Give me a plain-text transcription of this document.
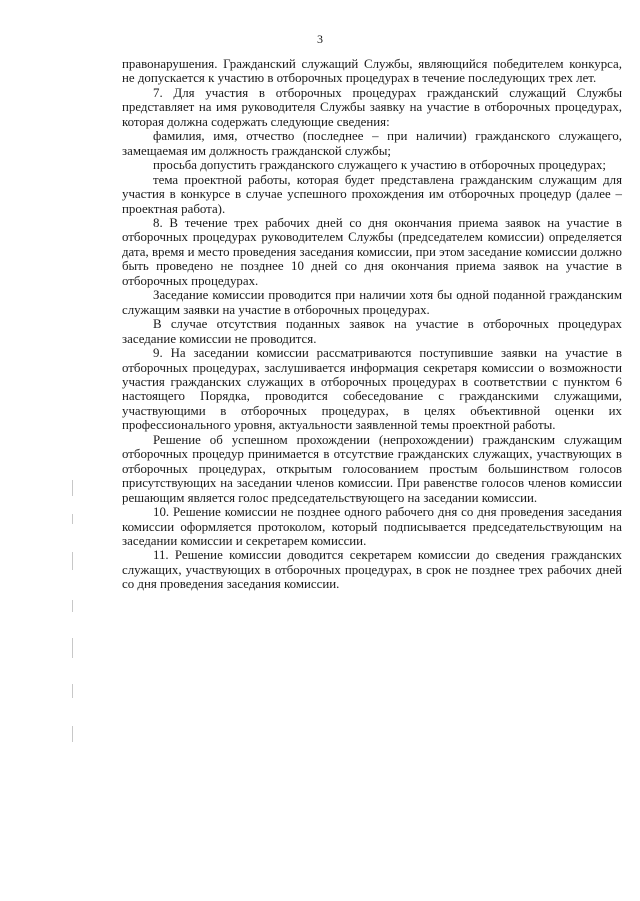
3

правонарушения. Гражданский служащий Службы, являющийся победителем конкурса, не допускается к участию в отборочных процедурах в течение последующих трех лет.

7. Для участия в отборочных процедурах гражданский служащий Службы представляет на имя руководителя Службы заявку на участие в отборочных процедурах, которая должна содержать следующие сведения:

фамилия, имя, отчество (последнее – при наличии) гражданского служащего, замещаемая им должность гражданской службы;

просьба допустить гражданского служащего к участию в отборочных процедурах;

тема проектной работы, которая будет представлена гражданским служащим для участия в конкурсе в случае успешного прохождения им отборочных процедур (далее – проектная работа).

8. В течение трех рабочих дней со дня окончания приема заявок на участие в отборочных процедурах руководителем Службы (председателем комиссии) определяется дата, время и место проведения заседания комиссии, при этом заседание комиссии должно быть проведено не позднее 10 дней со дня окончания приема заявок на участие в отборочных процедурах.

Заседание комиссии проводится при наличии хотя бы одной поданной гражданским служащим заявки на участие в отборочных процедурах.

В случае отсутствия поданных заявок на участие в отборочных процедурах заседание комиссии не проводится.

9. На заседании комиссии рассматриваются поступившие заявки на участие в отборочных процедурах, заслушивается информация секретаря комиссии о возможности участия гражданских служащих в отборочных процедурах в соответствии с пунктом 6 настоящего Порядка, проводится собеседование с гражданскими служащими, участвующими в отборочных процедурах, в целях объективной оценки их профессионального уровня, актуальности заявленной темы проектной работы.

Решение об успешном прохождении (непрохождении) гражданским служащим отборочных процедур принимается в отсутствие гражданских служащих, участвующих в отборочных процедурах, открытым голосованием простым большинством голосов присутствующих на заседании членов комиссии. При равенстве голосов членов комиссии решающим является голос председательствующего на заседании комиссии.

10. Решение комиссии не позднее одного рабочего дня со дня проведения заседания комиссии оформляется протоколом, который подписывается председательствующим на заседании комиссии и секретарем комиссии.

11. Решение комиссии доводится секретарем комиссии до сведения гражданских служащих, участвующих в отборочных процедурах, в срок не позднее трех рабочих дней со дня проведения заседания комиссии.
